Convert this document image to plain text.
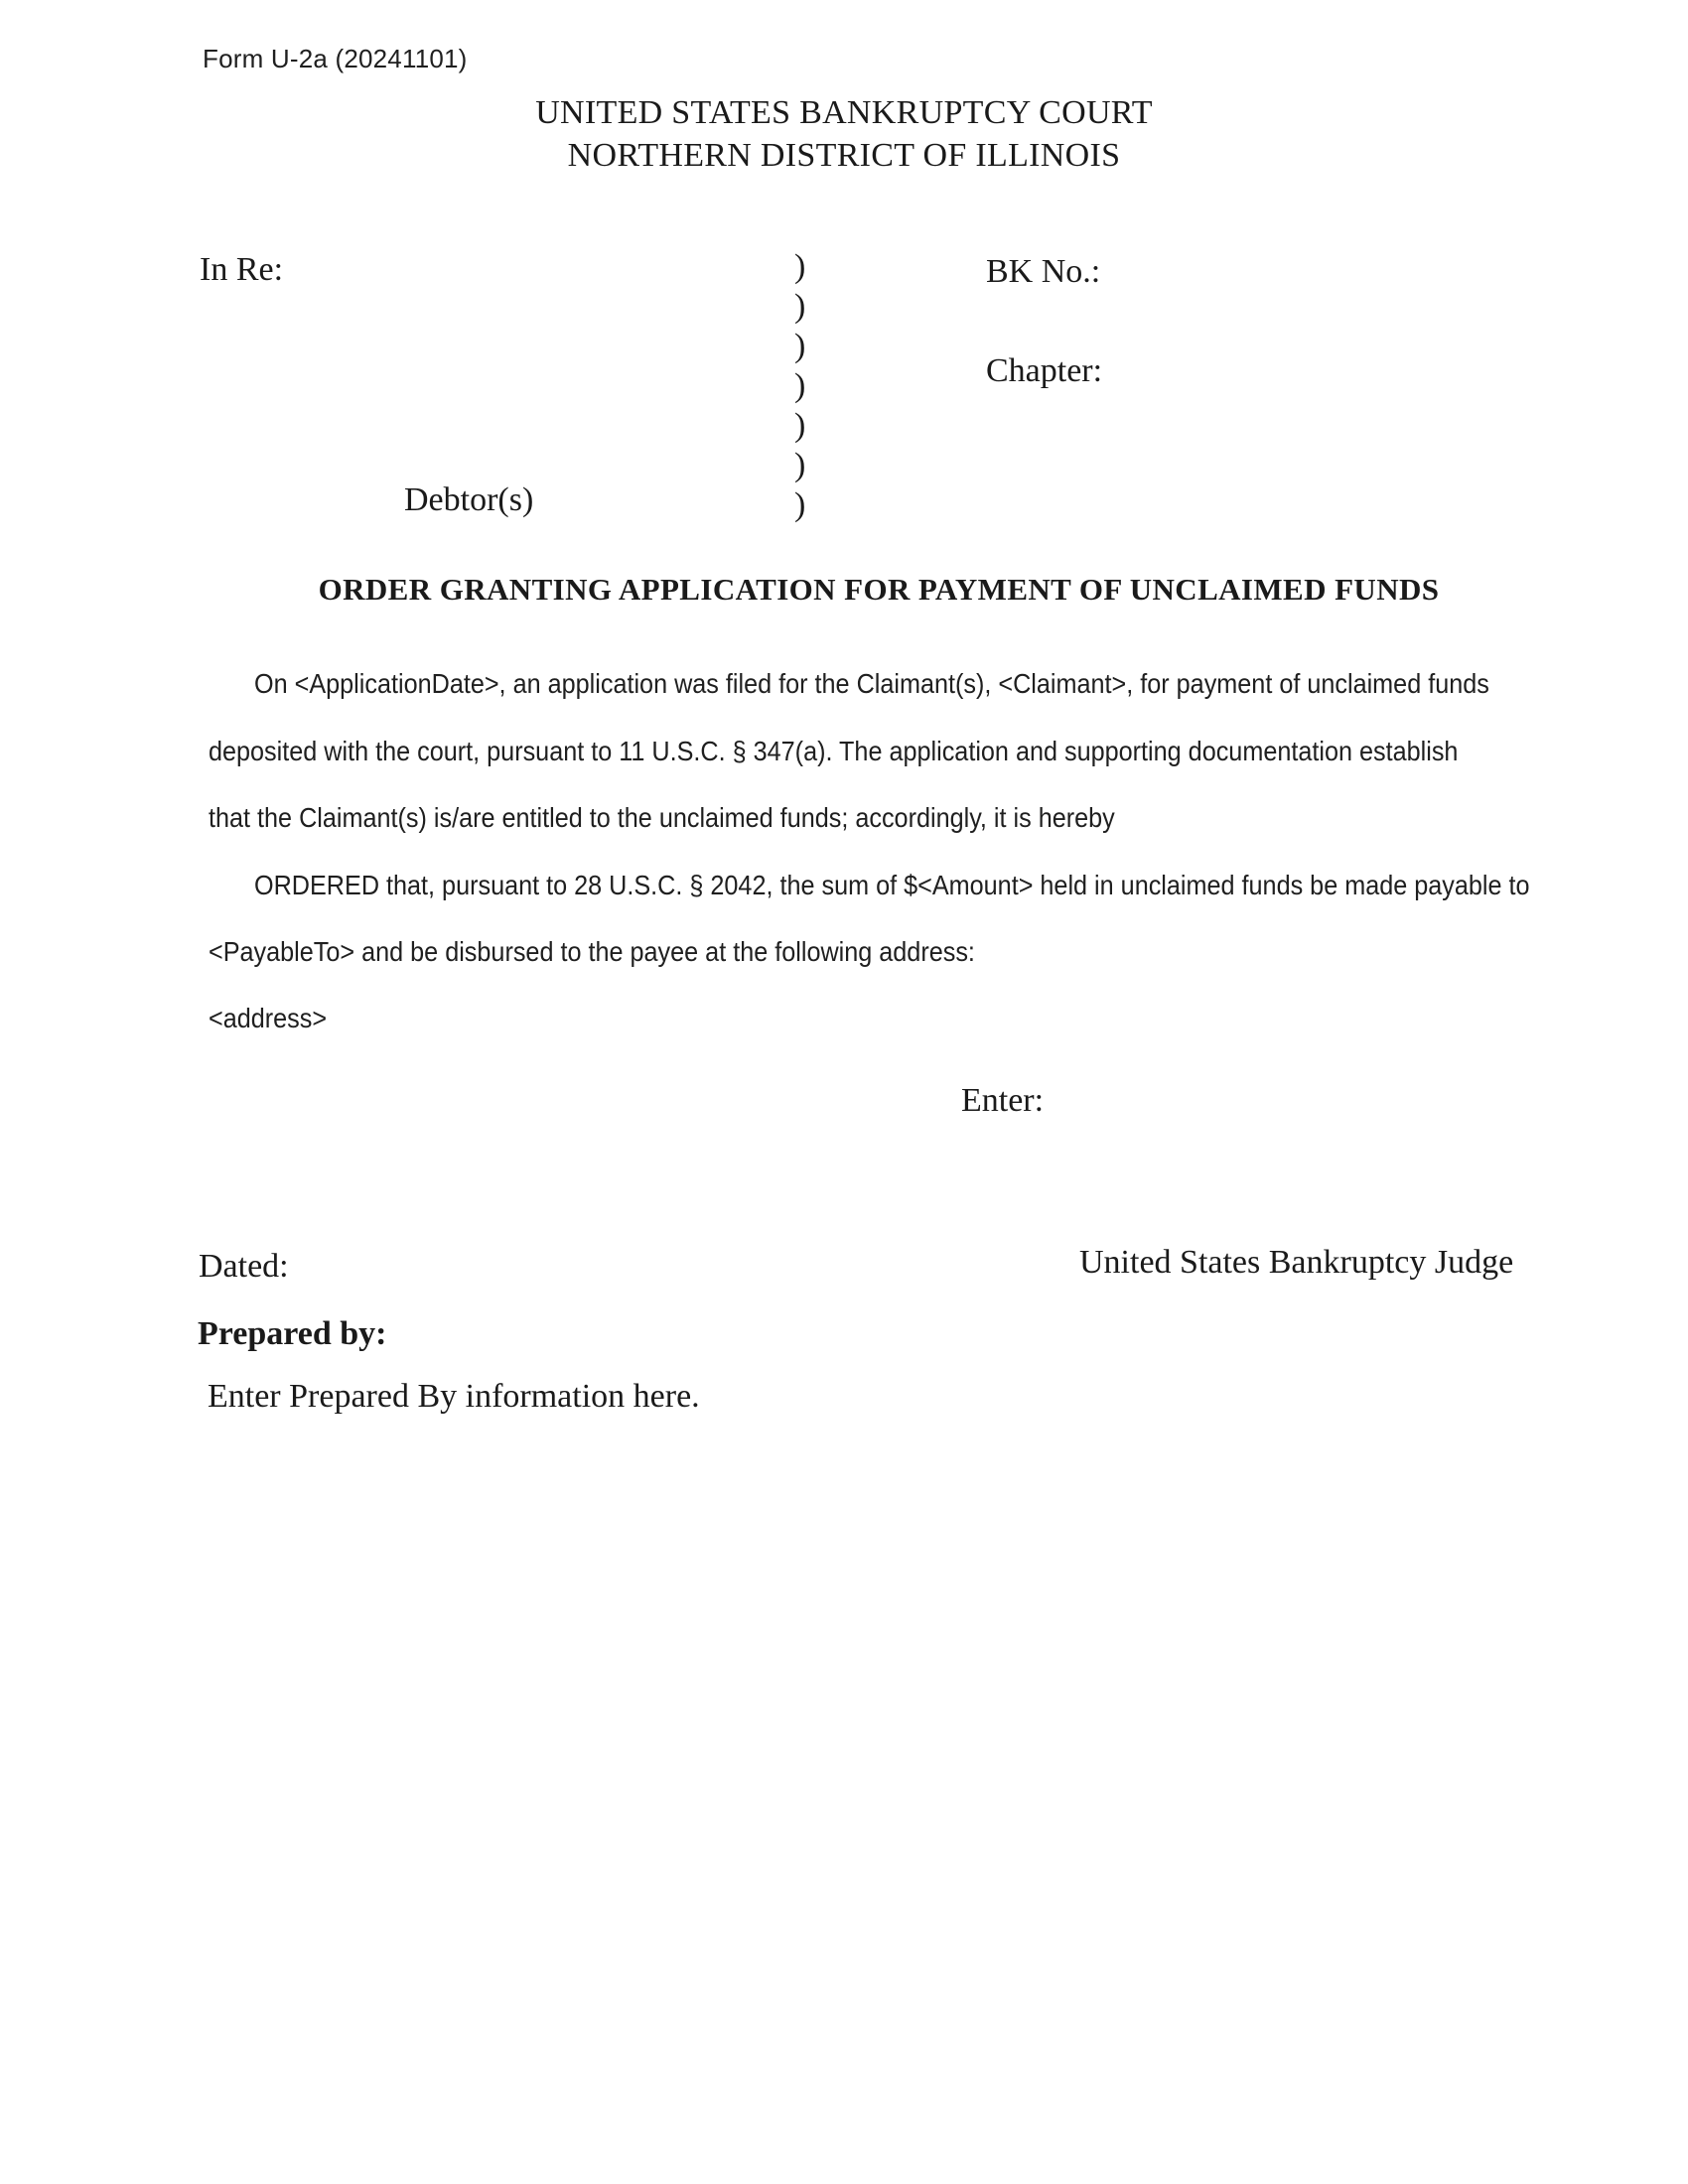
Form U-2a (20241101)
UNITED STATES BANKRUPTCY COURT
NORTHERN DISTRICT OF ILLINOIS
In Re:	)
)
)
)
)
)
)
BK No.:
Chapter:
Debtor(s)
ORDER GRANTING APPLICATION FOR PAYMENT OF UNCLAIMED FUNDS
On <ApplicationDate>, an application was filed for the Claimant(s), <Claimant>, for payment of unclaimed funds
deposited with the court, pursuant to 11 U.S.C. § 347(a). The application and supporting documentation establish
that the Claimant(s) is/are entitled to the unclaimed funds; accordingly, it is hereby
ORDERED that, pursuant to 28 U.S.C. § 2042, the sum of $<Amount> held in unclaimed funds be made payable to
<PayableTo> and be disbursed to the payee at the following address:
<address>
Enter:
Dated:	United States Bankruptcy Judge
Prepared by:
Enter Prepared By information here.
